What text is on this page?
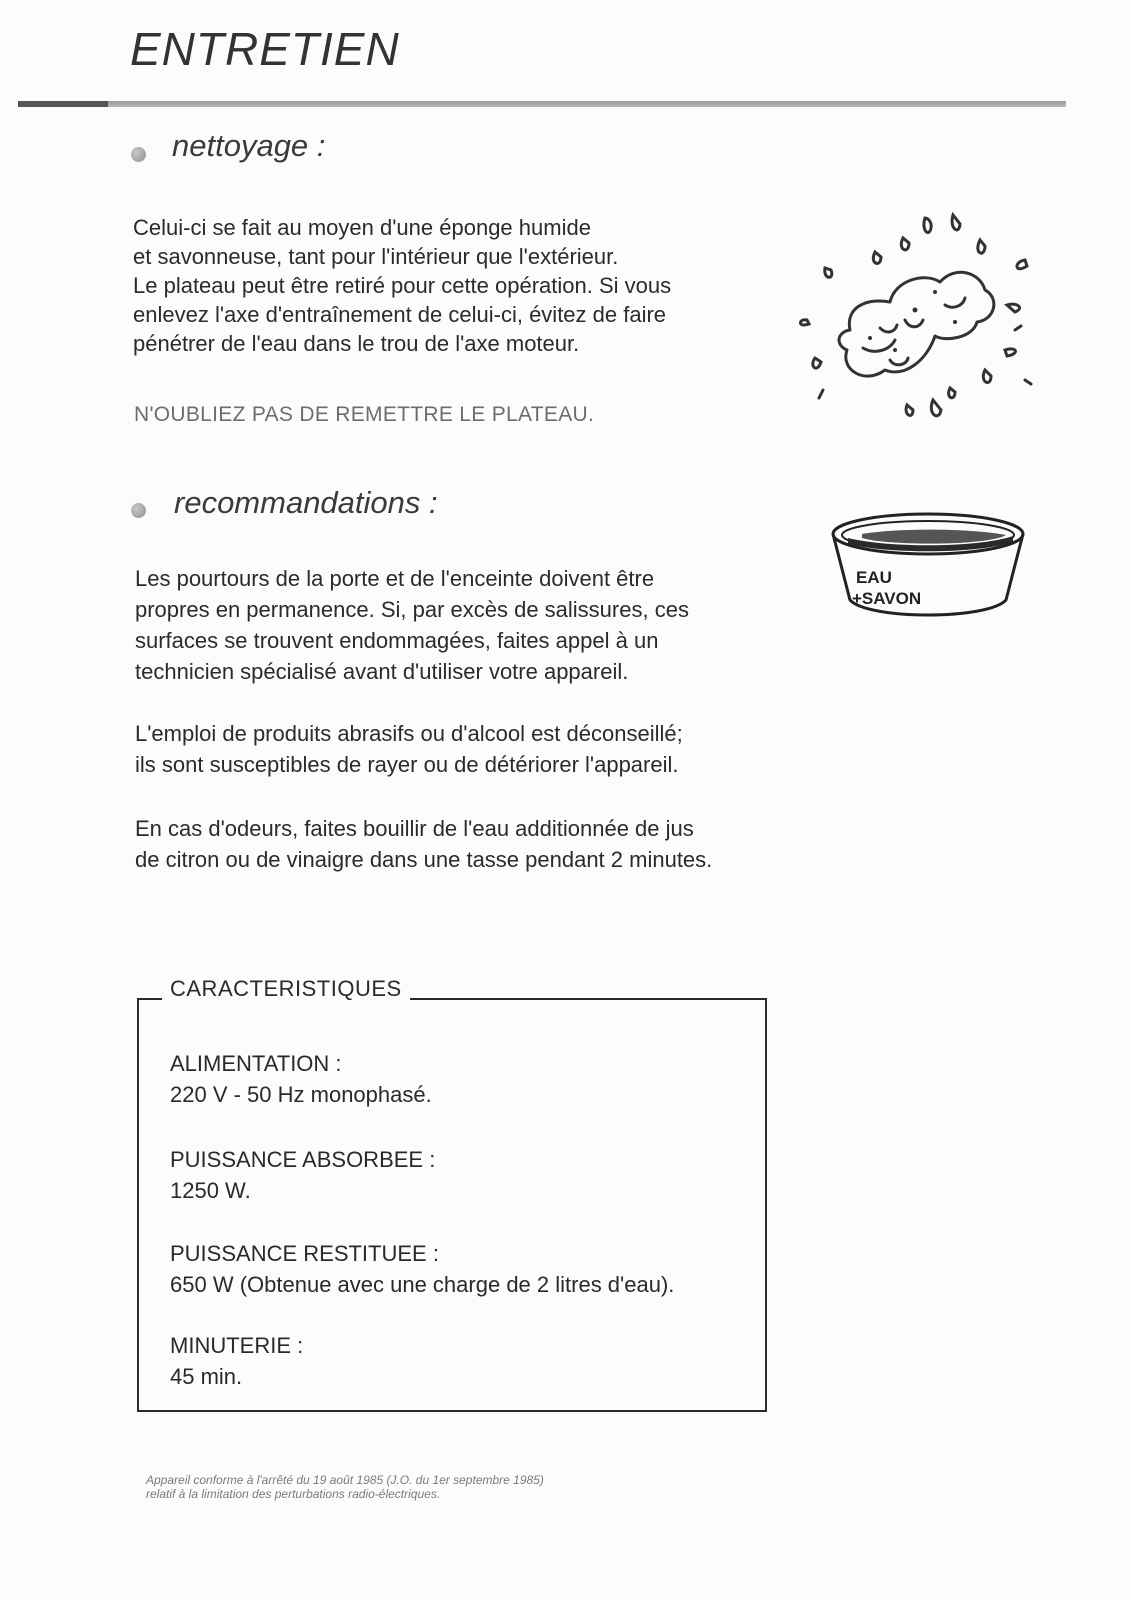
ENTRETIEN
nettoyage :
Celui-ci se fait au moyen d'une éponge humide
et savonneuse, tant pour l'intérieur que l'extérieur.
Le plateau peut être retiré pour cette opération. Si vous
enlevez l'axe d'entraînement de celui-ci, évitez de faire
pénétrer de l'eau dans le trou de l'axe moteur.
N'OUBLIEZ PAS DE REMETTRE LE PLATEAU.
recommandations :
Les pourtours de la porte et de l'enceinte doivent être
propres en permanence. Si, par excès de salissures, ces
surfaces se trouvent endommagées, faites appel à un
technicien spécialisé avant d'utiliser votre appareil.
L'emploi de produits abrasifs ou d'alcool est déconseillé;
ils sont susceptibles de rayer ou de détériorer l'appareil.
En cas d'odeurs, faites bouillir de l'eau additionnée de jus
de citron ou de vinaigre dans une tasse pendant 2 minutes.
EAU
+SAVON
CARACTERISTIQUES
ALIMENTATION :
220 V - 50 Hz monophasé.
PUISSANCE ABSORBEE :
1250 W.
PUISSANCE RESTITUEE :
650 W (Obtenue avec une charge de 2 litres d'eau).
MINUTERIE :
45 min.
Appareil conforme à l'arrêté du 19 août 1985 (J.O. du 1er septembre 1985)
relatif à la limitation des perturbations radio-électriques.
